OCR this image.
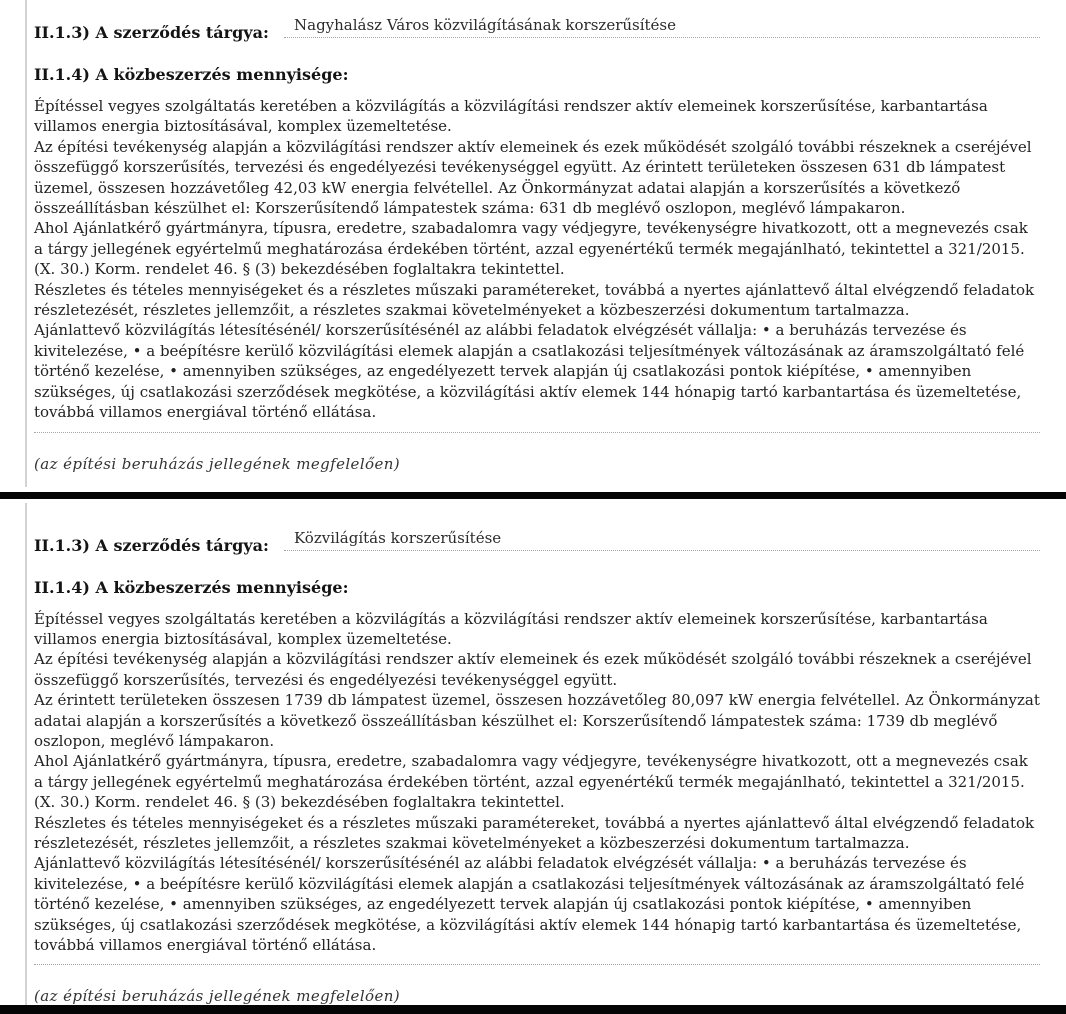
II.1.3) A szerződés tárgya:	Nagyhalász Város közvilágításának korszerűsítése
II.1.4) A közbeszerzés mennyisége:

Építéssel vegyes szolgáltatás keretében a közvilágítás a közvilágítási rendszer aktív elemeinek korszerűsítése, karbantartása villamos energia biztosításával, komplex üzemeltetése.

Az építési tevékenység alapján a közvilágítási rendszer aktív elemeinek és ezek működését szolgáló további részeknek a cseréjével összefüggő korszerűsítés, tervezési és engedélyezési tevékenységgel együtt. Az érintett területeken összesen 631 db lámpatest üzemel, összesen hozzávetőleg 42,03 kW energia felvétellel. Az Önkormányzat adatai alapján a korszerűsítés a következő összeállításban készülhet el: Korszerűsítendő lámpatestek száma: 631 db meglévő oszlopon, meglévő lámpakaron.

Ahol Ajánlatkérő gyártmányra, típusra, eredetre, szabadalomra vagy védjegyre, tevékenységre hivatkozott, ott a megnevezés csak a tárgy jellegének egyértelmű meghatározása érdekében történt, azzal egyenértékű termék megajánlható, tekintettel a 321/2015. (X. 30.) Korm. rendelet 46. § (3) bekezdésében foglaltakra tekintettel.

Részletes és tételes mennyiségeket és a részletes műszaki paramétereket, továbbá a nyertes ajánlattevő által elvégzendő feladatok részletezését, részletes jellemzőit, a részletes szakmai követelményeket a közbeszerzési dokumentum tartalmazza.

Ajánlattevő közvilágítás létesítésénél/ korszerűsítésénél az alábbi feladatok elvégzését vállalja: • a beruházás tervezése és kivitelezése, • a beépítésre kerülő közvilágítási elemek alapján a csatlakozási teljesítmények változásának az áramszolgáltató felé történő kezelése, • amennyiben szükséges, az engedélyezett tervek alapján új csatlakozási pontok kiépítése, • amennyiben szükséges, új csatlakozási szerződések megkötése, a közvilágítási aktív elemek 144 hónapig tartó karbantartása és üzemeltetése, továbbá villamos energiával történő ellátása.

(az építési beruházás jellegének megfelelően)
II.1.3) A szerződés tárgya:	Közvilágítás korszerűsítése
II.1.4) A közbeszerzés mennyisége:

Építéssel vegyes szolgáltatás keretében a közvilágítás a közvilágítási rendszer aktív elemeinek korszerűsítése, karbantartása villamos energia biztosításával, komplex üzemeltetése.

Az építési tevékenység alapján a közvilágítási rendszer aktív elemeinek és ezek működését szolgáló további részeknek a cseréjével összefüggő korszerűsítés, tervezési és engedélyezési tevékenységgel együtt.

Az érintett területeken összesen 1739 db lámpatest üzemel, összesen hozzávetőleg 80,097 kW energia felvétellel. Az Önkormányzat adatai alapján a korszerűsítés a következő összeállításban készülhet el: Korszerűsítendő lámpatestek száma: 1739 db meglévő oszlopon, meglévő lámpakaron.

Ahol Ajánlatkérő gyártmányra, típusra, eredetre, szabadalomra vagy védjegyre, tevékenységre hivatkozott, ott a megnevezés csak a tárgy jellegének egyértelmű meghatározása érdekében történt, azzal egyenértékű termék megajánlható, tekintettel a 321/2015. (X. 30.) Korm. rendelet 46. § (3) bekezdésében foglaltakra tekintettel.

Részletes és tételes mennyiségeket és a részletes műszaki paramétereket, továbbá a nyertes ajánlattevő által elvégzendő feladatok részletezését, részletes jellemzőit, a részletes szakmai követelményeket a közbeszerzési dokumentum tartalmazza.

Ajánlattevő közvilágítás létesítésénél/ korszerűsítésénél az alábbi feladatok elvégzését vállalja: • a beruházás tervezése és kivitelezése, • a beépítésre kerülő közvilágítási elemek alapján a csatlakozási teljesítmények változásának az áramszolgáltató felé történő kezelése, • amennyiben szükséges, az engedélyezett tervek alapján új csatlakozási pontok kiépítése, • amennyiben szükséges, új csatlakozási szerződések megkötése, a közvilágítási aktív elemek 144 hónapig tartó karbantartása és üzemeltetése, továbbá villamos energiával történő ellátása.

(az építési beruházás jellegének megfelelően)
